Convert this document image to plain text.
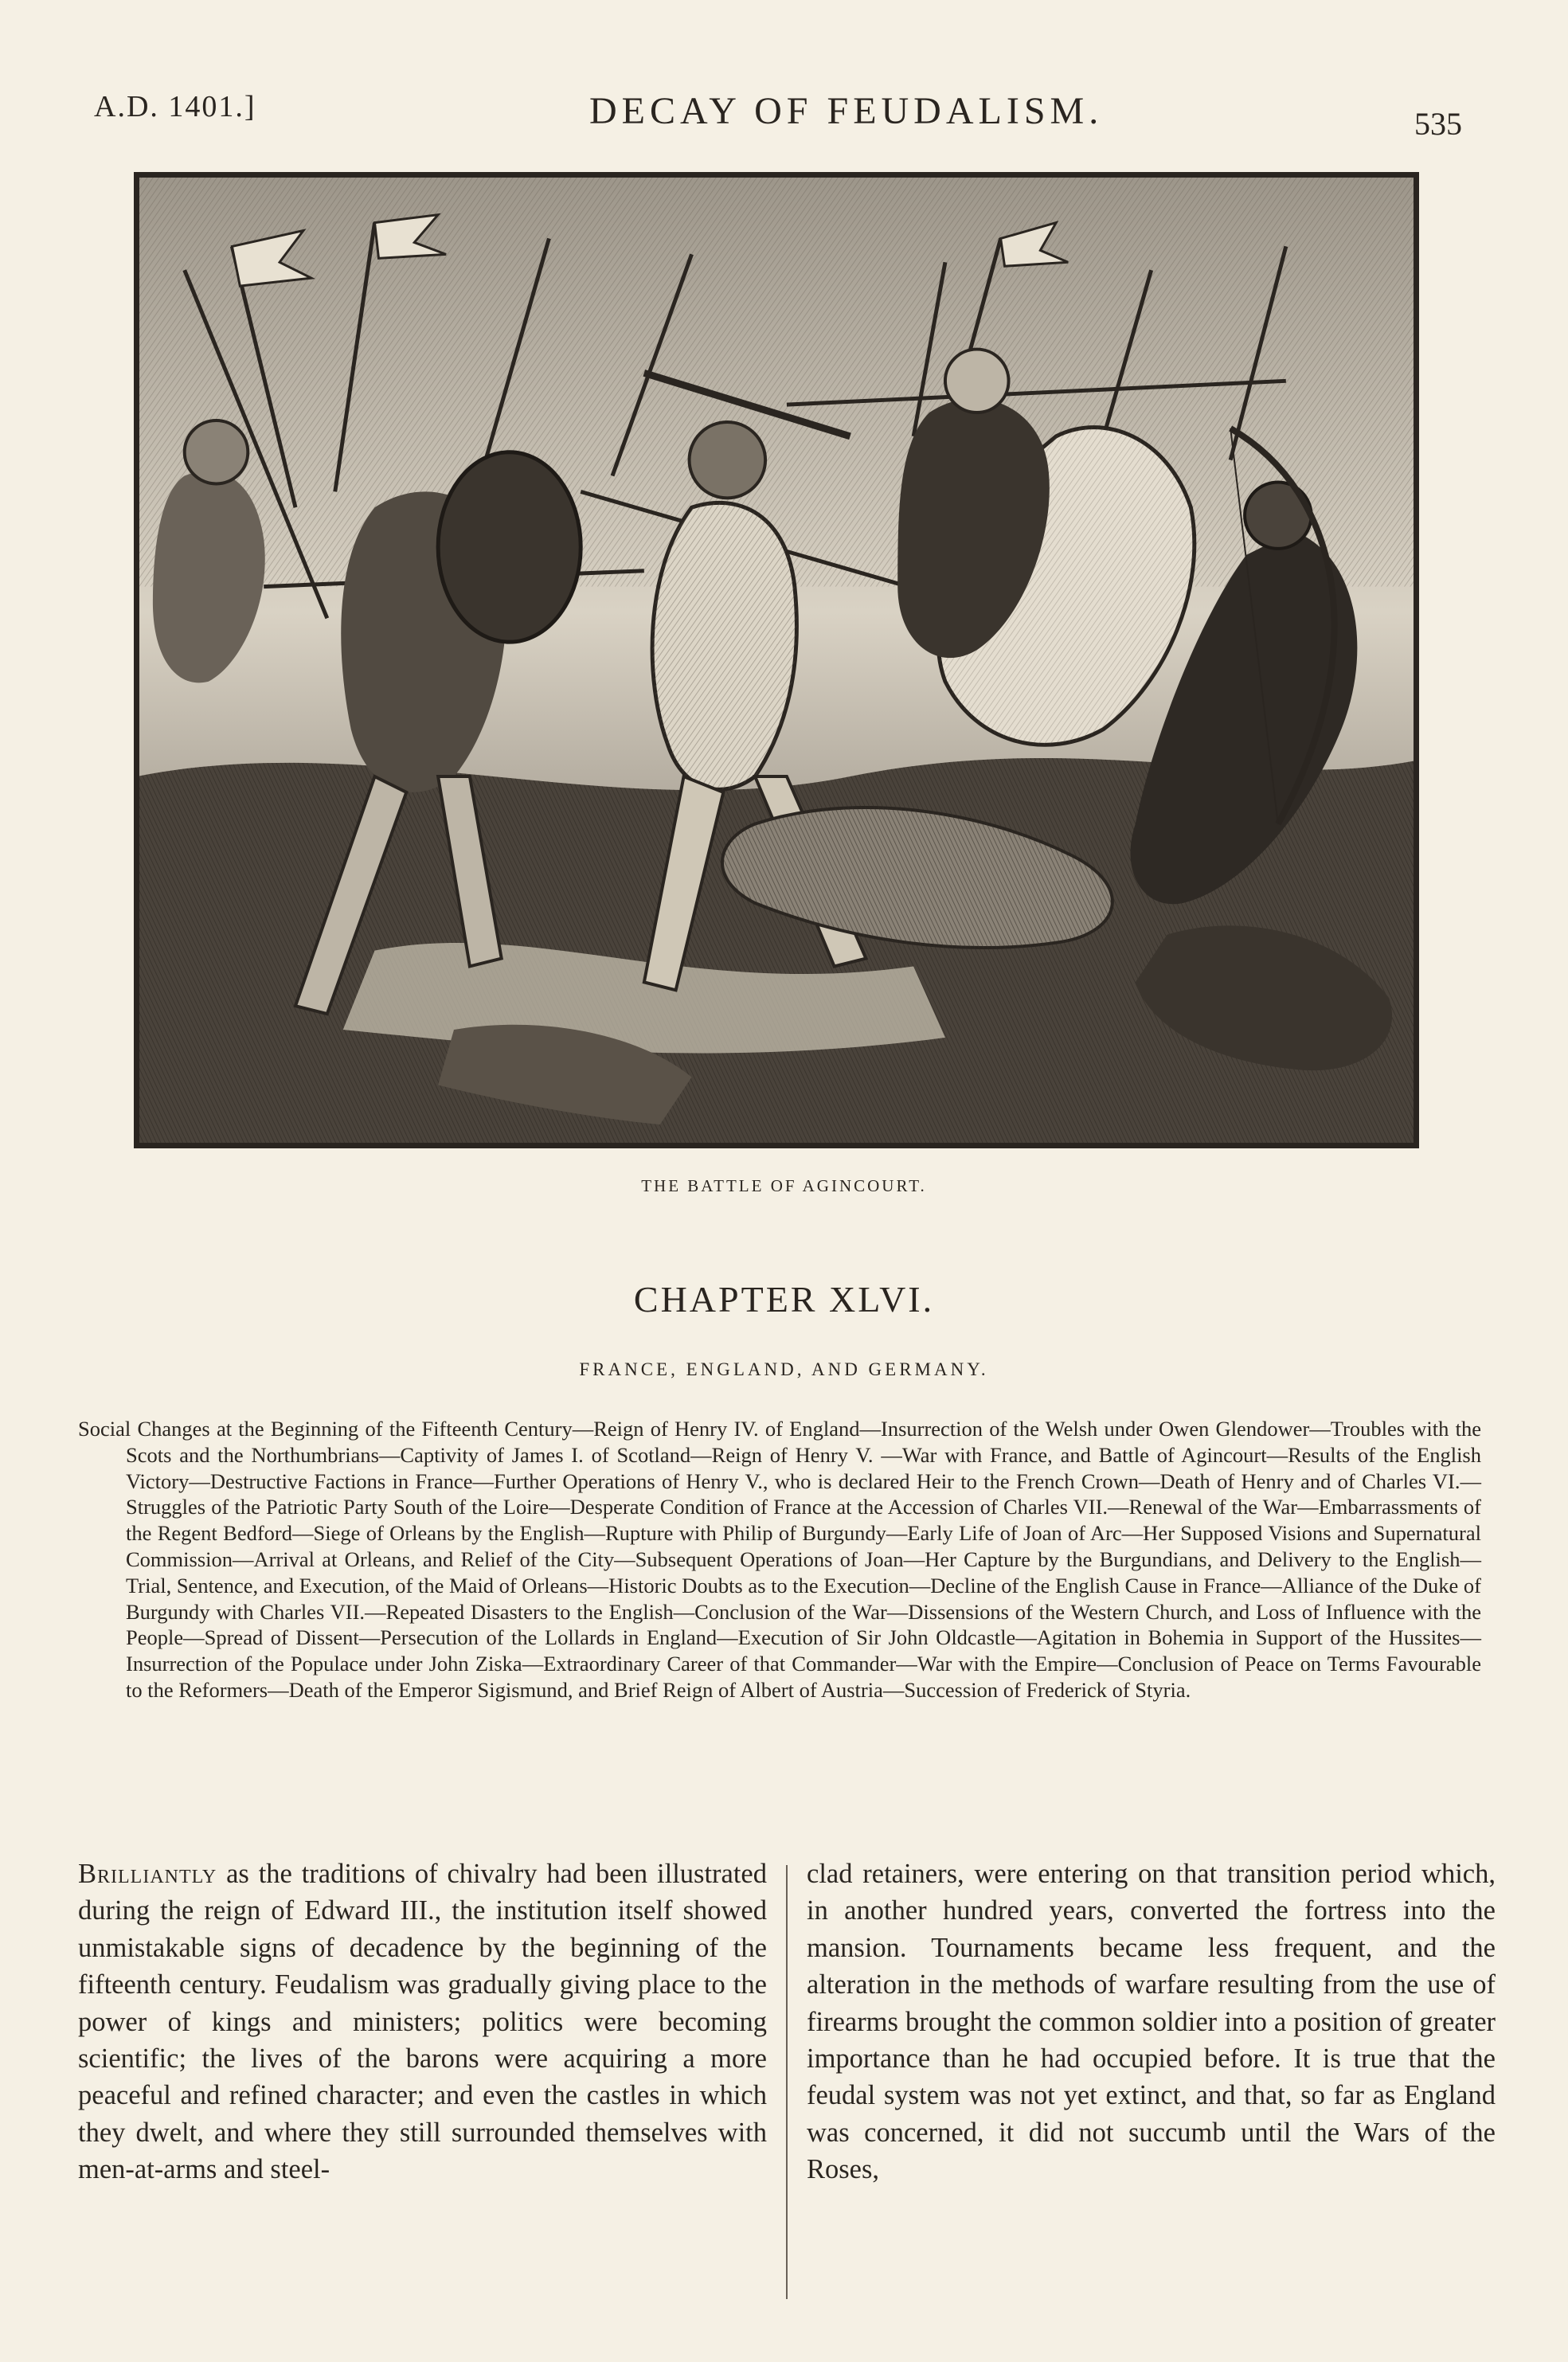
A.D. 1401.]	DECAY OF FEUDALISM.	535
THE BATTLE OF AGINCOURT.
CHAPTER XLVI.
FRANCE, ENGLAND, AND GERMANY.
Social Changes at the Beginning of the Fifteenth Century—Reign of Henry IV. of England—Insurrection of the Welsh under Owen Glendower—Troubles with the Scots and the Northumbrians—Captivity of James I. of Scotland—Reign of Henry V. —War with France, and Battle of Agincourt—Results of the English Victory—Destructive Factions in France—Further Operations of Henry V., who is declared Heir to the French Crown—Death of Henry and of Charles VI.—Struggles of the Patriotic Party South of the Loire—Desperate Condition of France at the Accession of Charles VII.—Renewal of the War—Embarrassments of the Regent Bedford—Siege of Orleans by the English—Rupture with Philip of Burgundy—Early Life of Joan of Arc—Her Supposed Visions and Supernatural Commission—Arrival at Orleans, and Relief of the City—Subsequent Operations of Joan—Her Capture by the Burgundians, and Delivery to the English—Trial, Sentence, and Execution, of the Maid of Orleans—Historic Doubts as to the Execution—Decline of the English Cause in France—Alliance of the Duke of Burgundy with Charles VII.—Repeated Disasters to the English—Conclusion of the War—Dissensions of the Western Church, and Loss of Influence with the People—Spread of Dissent—Persecution of the Lollards in England—Execution of Sir John Oldcastle—Agitation in Bohemia in Support of the Hussites—Insurrection of the Populace under John Ziska—Extraordinary Career of that Commander—War with the Empire—Conclusion of Peace on Terms Favourable to the Reformers—Death of the Emperor Sigismund, and Brief Reign of Albert of Austria—Succession of Frederick of Styria.
Brilliantly as the traditions of chivalry had been illustrated during the reign of Edward III., the institution itself showed unmistakable signs of decadence by the beginning of the fifteenth century. Feudalism was gradually giving place to the power of kings and ministers; politics were becoming scientific; the lives of the barons were acquiring a more peaceful and refined character; and even the castles in which they dwelt, and where they still surrounded themselves with men-at-arms and steel-
clad retainers, were entering on that transition period which, in another hundred years, converted the fortress into the mansion. Tournaments became less frequent, and the alteration in the methods of warfare resulting from the use of firearms brought the common soldier into a position of greater importance than he had occupied before. It is true that the feudal system was not yet extinct, and that, so far as England was concerned, it did not succumb until the Wars of the Roses,
